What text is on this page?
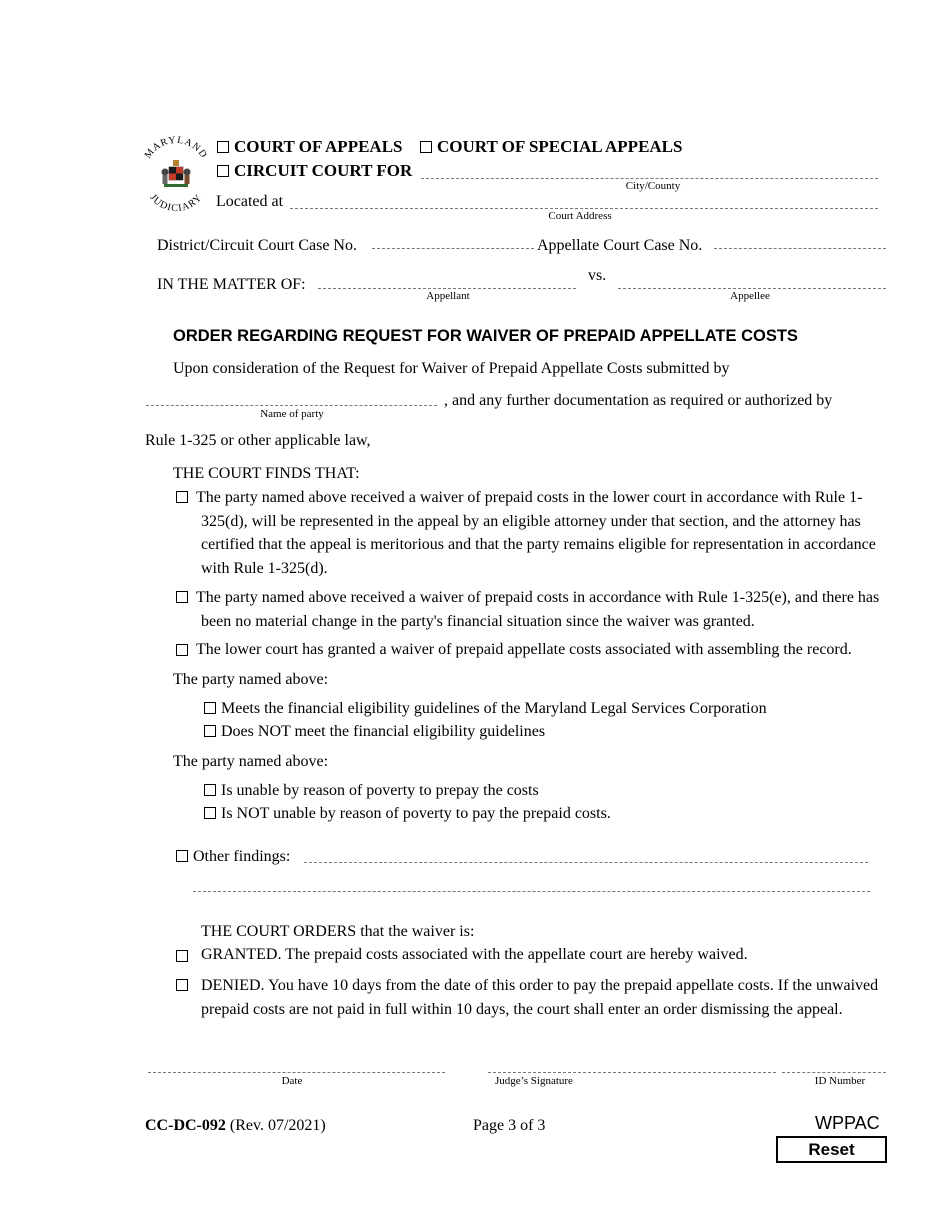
MARYLAND
JUDICIARY
COURT OF APPEALS	COURT OF SPECIAL APPEALS
CIRCUIT COURT FOR
City/County
Located at
Court Address
District/Circuit Court Case No.	Appellate Court Case No.
IN THE MATTER OF:
Appellant
vs.
Appellee
ORDER REGARDING REQUEST FOR WAIVER OF PREPAID APPELLATE COSTS
Upon consideration of the Request for Waiver of Prepaid Appellate Costs submitted by
Name of party
, and any further documentation as required or authorized by
Rule 1-325 or other applicable law,
THE COURT FINDS THAT:
The party named above received a waiver of prepaid costs in the lower court in accordance with Rule 1-325(d), will be represented in the appeal by an eligible attorney under that section, and the attorney has certified that the appeal is meritorious and that the party remains eligible for representation in accordance with Rule 1-325(d).
The party named above received a waiver of prepaid costs in accordance with Rule 1-325(e), and there has been no material change in the party's financial situation since the waiver was granted.
The lower court has granted a waiver of prepaid appellate costs associated with assembling the record.
The party named above:
Meets the financial eligibility guidelines of the Maryland Legal Services Corporation
Does NOT meet the financial eligibility guidelines
The party named above:
Is unable by reason of poverty to prepay the costs
Is NOT unable by reason of poverty to pay the prepaid costs.
Other findings:
THE COURT ORDERS that the waiver is:
GRANTED. The prepaid costs associated with the appellate court are hereby waived.
DENIED. You have 10 days from the date of this order to pay the prepaid appellate costs. If the unwaived prepaid costs are not paid in full within 10 days, the court shall enter an order dismissing the appeal.
Date	Judge’s Signature	ID Number
CC-DC-092 (Rev. 07/2021)	Page 3 of 3	WPPAC
Reset
